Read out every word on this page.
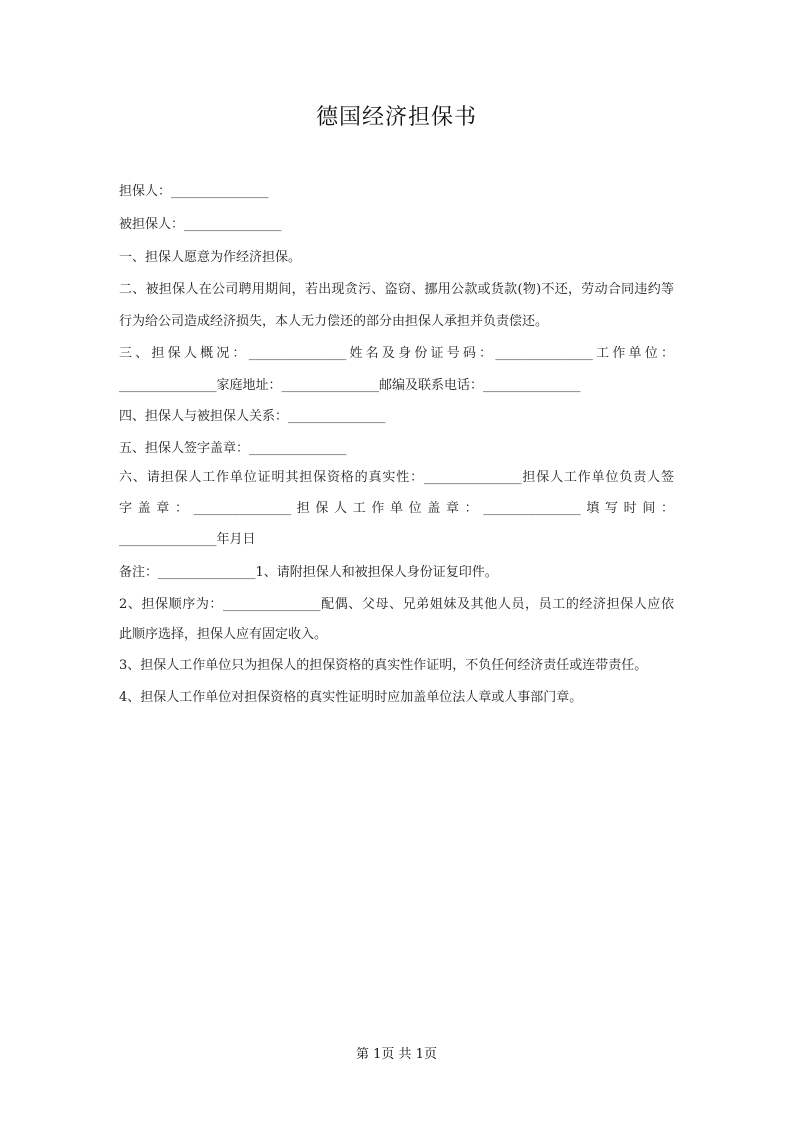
德国经济担保书
担保人：_______________
被担保人：_______________
一、担保人愿意为作经济担保。
二、被担保人在公司聘用期间，若出现贪污、盗窃、挪用公款或货款(物)不还，劳动合同违约等
行为给公司造成经济损失，本人无力偿还的部分由担保人承担并负责偿还。
三、担保人概况：_______________姓名及身份证号码：_______________工作单位：
_______________家庭地址：_______________邮编及联系电话：_______________
四、担保人与被担保人关系：_______________
五、担保人签字盖章：_______________
六、请担保人工作单位证明其担保资格的真实性：_______________担保人工作单位负责人签
字盖章：_______________担保人工作单位盖章：_______________填写时间：
_______________年月日
备注：_______________1、请附担保人和被担保人身份证复印件。
2、担保顺序为：_______________配偶、父母、兄弟姐妹及其他人员，员工的经济担保人应依
此顺序选择，担保人应有固定收入。
3、担保人工作单位只为担保人的担保资格的真实性作证明，不负任何经济责任或连带责任。
4、担保人工作单位对担保资格的真实性证明时应加盖单位法人章或人事部门章。
第 1页 共 1页
